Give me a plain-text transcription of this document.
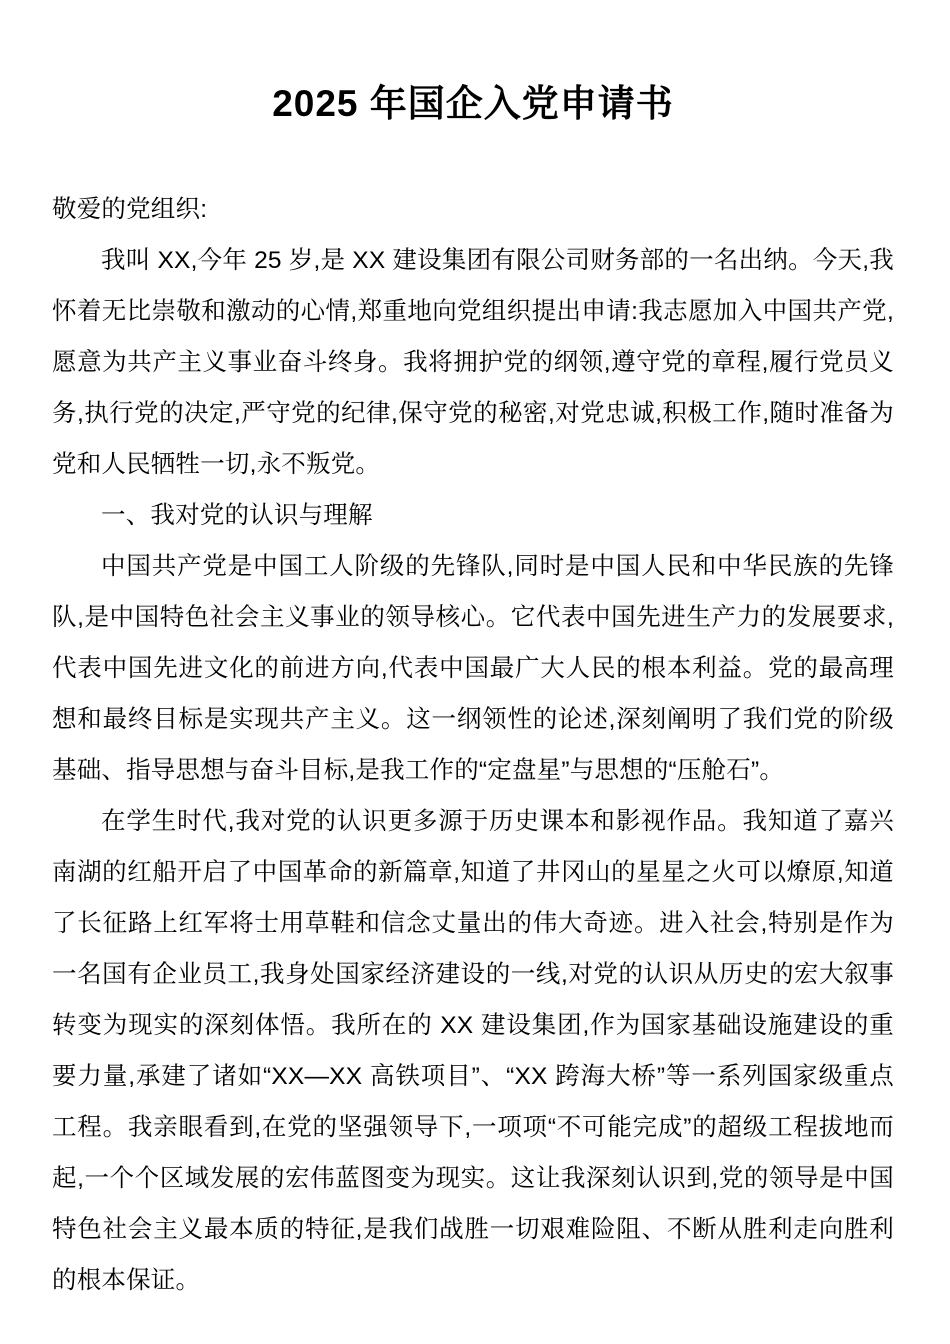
2025 年国企入党申请书

敬爱的党组织:

我叫 XX,今年 25 岁,是 XX 建设集团有限公司财务部的一名出纳。今天,我怀着无比崇敬和激动的心情,郑重地向党组织提出申请:我志愿加入中国共产党,愿意为共产主义事业奋斗终身。我将拥护党的纲领,遵守党的章程,履行党员义务,执行党的决定,严守党的纪律,保守党的秘密,对党忠诚,积极工作,随时准备为党和人民牺牲一切,永不叛党。

一、我对党的认识与理解

中国共产党是中国工人阶级的先锋队,同时是中国人民和中华民族的先锋队,是中国特色社会主义事业的领导核心。它代表中国先进生产力的发展要求,代表中国先进文化的前进方向,代表中国最广大人民的根本利益。党的最高理想和最终目标是实现共产主义。这一纲领性的论述,深刻阐明了我们党的阶级基础、指导思想与奋斗目标,是我工作的“定盘星”与思想的“压舱石”。

在学生时代,我对党的认识更多源于历史课本和影视作品。我知道了嘉兴南湖的红船开启了中国革命的新篇章,知道了井冈山的星星之火可以燎原,知道了长征路上红军将士用草鞋和信念丈量出的伟大奇迹。进入社会,特别是作为一名国有企业员工,我身处国家经济建设的一线,对党的认识从历史的宏大叙事转变为现实的深刻体悟。我所在的 XX 建设集团,作为国家基础设施建设的重要力量,承建了诸如“XX—XX 高铁项目”、“XX 跨海大桥”等一系列国家级重点工程。我亲眼看到,在党的坚强领导下,一项项“不可能完成”的超级工程拔地而起,一个个区域发展的宏伟蓝图变为现实。这让我深刻认识到,党的领导是中国特色社会主义最本质的特征,是我们战胜一切艰难险阻、不断从胜利走向胜利的根本保证。
